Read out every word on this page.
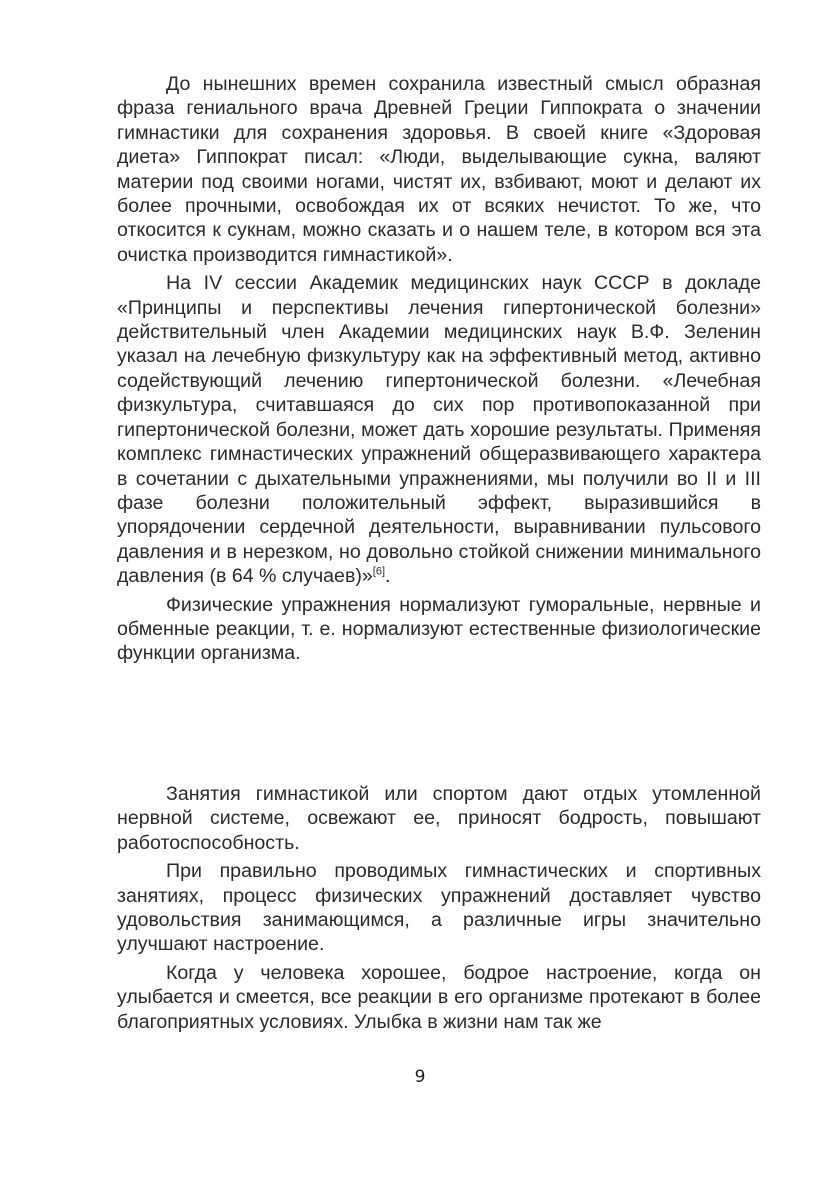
До нынешних времен сохранила известный смысл образная фраза гениального врача Древней Греции Гиппократа о значении гимнастики для сохранения здоровья. В своей книге «Здоровая диета» Гиппократ писал: «Люди, выделывающие сукна, валяют материи под своими ногами, чистят их, взбивают, моют и делают их более прочными, освобождая их от всяких нечистот. То же, что откосится к сукнам, можно сказать и о нашем теле, в котором вся эта очистка производится гимнастикой».

На IV сессии Академик медицинских наук СССР в докладе «Принципы и перспективы лечения гипертонической болезни» действительный член Академии медицинских наук В.Ф. Зеленин указал на лечебную физкультуру как на эффективный метод, активно содействующий лечению гипертонической болезни. «Лечебная физкультура, считавшаяся до сих пор противопоказанной при гипертонической болезни, может дать хорошие результаты. Применяя комплекс гимнастических упражнений общеразвивающего характера в сочетании с дыхательными упражнениями, мы получили во II и III фазе болезни положительный эффект, выразившийся в упорядочении сердечной деятельности, выравнивании пульсового давления и в нерезком, но довольно стойкой снижении минимального давления (в 64 % случаев)»[6].

Физические упражнения нормализуют гуморальные, нервные и обменные реакции, т. е. нормализуют естественные физиологические функции организма.

Занятия гимнастикой или спортом дают отдых утомленной нервной системе, освежают ее, приносят бодрость, повышают работоспособность.

При правильно проводимых гимнастических и спортивных занятиях, процесс физических упражнений доставляет чувство удовольствия занимающимся, а различные игры значительно улучшают настроение.

Когда у человека хорошее, бодрое настроение, когда он улыбается и смеется, все реакции в его организме протекают в более благоприятных условиях. Улыбка в жизни нам так же

9
